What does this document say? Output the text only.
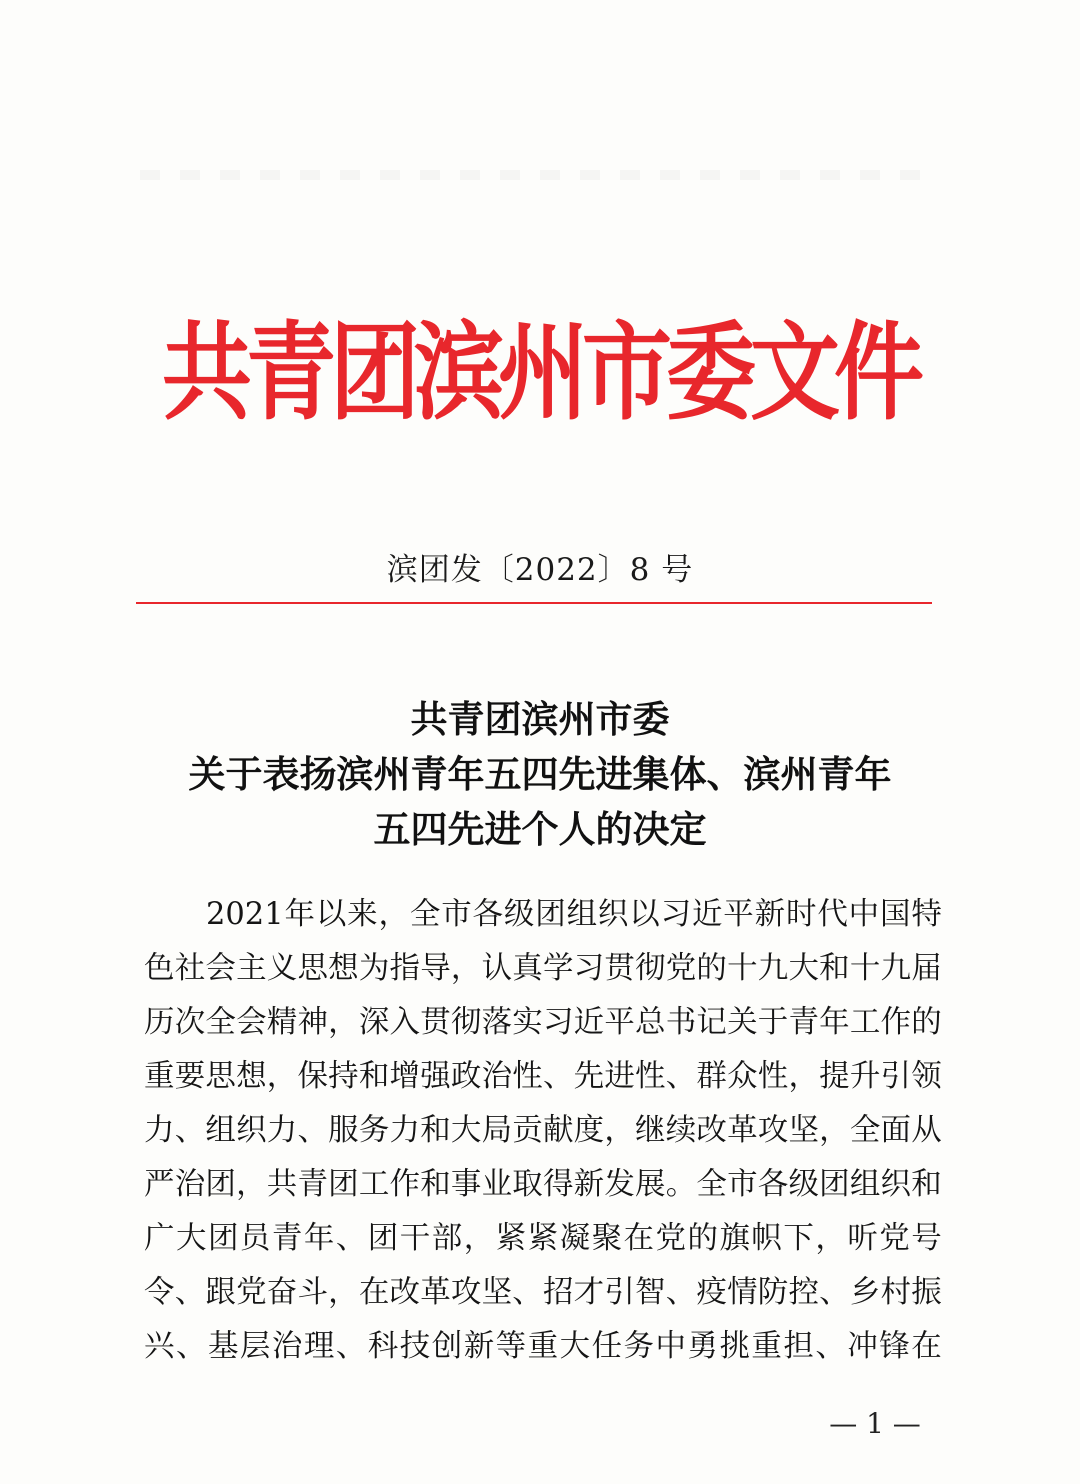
共青团滨州市委文件
滨团发〔2022〕8 号
共青团滨州市委
关于表扬滨州青年五四先进集体、滨州青年
五四先进个人的决定
2021 年 以 来 ， 全 市 各 级 团 组 织 以 习 近 平 新 时 代 中 国 特
色 社 会 主 义 思 想 为 指 导 ， 认 真 学 习 贯 彻 党 的 十 九 大 和 十 九 届
历 次 全 会 精 神 ， 深 入 贯 彻 落 实 习 近 平 总 书 记 关 于 青 年 工 作 的
重 要 思 想 ， 保 持 和 增 强 政 治 性 、 先 进 性 、 群 众 性 ， 提 升 引 领
力 、 组 织 力 、 服 务 力 和 大 局 贡 献 度 ， 继 续 改 革 攻 坚 ， 全 面 从
严 治 团 ， 共 青 团 工 作 和 事 业 取 得 新 发 展 。 全 市 各 级 团 组 织 和
广 大 团 员 青 年 、 团 干 部 ， 紧 紧 凝 聚 在 党 的 旗 帜 下 ， 听 党 号
令 、 跟 党 奋 斗 ， 在 改 革 攻 坚 、 招 才 引 智 、 疫 情 防 控 、 乡 村 振
兴 、 基 层 治 理 、 科 技 创 新 等 重 大 任 务 中 勇 挑 重 担 、 冲 锋 在
— 1 —
